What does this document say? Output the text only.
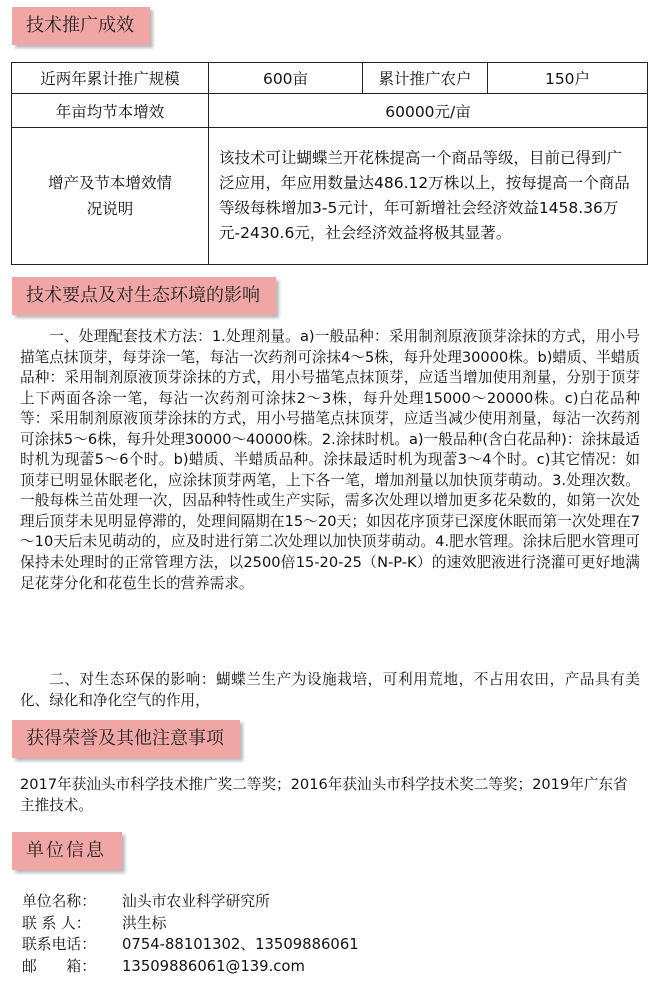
技术推广成效
近两年累计推广规模	600亩	累计推广农户	150户
年亩均节本增效	60000元/亩		
增产及节本增效情况说明	该技术可让蝴蝶兰开花株提高一个商品等级，目前已得到广泛应用，年应用数量达486.12万株以上，按每提高一个商品等级每株增加3-5元计，年可新增社会经济效益1458.36万元-2430.6元，社会经济效益将极其显著。		
技术要点及对生态环境的影响

一、处理配套技术方法：1.处理剂量。a)一般品种：采用制剂原液顶芽涂抹的方式，用小号描笔点抹顶芽，每芽涂一笔，每沾一次药剂可涂抹4～5株，每升处理30000株。b)蜡质、半蜡质品种：采用制剂原液顶芽涂抹的方式，用小号描笔点抹顶芽，应适当增加使用剂量，分别于顶芽上下两面各涂一笔，每沾一次药剂可涂抹2～3株，每升处理15000～20000株。c)白花品种等：采用制剂原液顶芽涂抹的方式，用小号描笔点抹顶芽，应适当减少使用剂量，每沾一次药剂可涂抹5～6株，每升处理30000～40000株。2.涂抹时机。a)一般品种(含白花品种)：涂抹最适时机为现蕾5～6个时。b)蜡质、半蜡质品种。涂抹最适时机为现蕾3～4个时。c)其它情况：如顶芽已明显休眠老化，应涂抹顶芽两笔，上下各一笔，增加剂量以加快顶芽萌动。3.处理次数。一般每株兰苗处理一次，因品种特性或生产实际，需多次处理以增加更多花朵数的，如第一次处理后顶芽未见明显停滞的，处理间隔期在15～20天；如因花序顶芽已深度休眠而第一次处理在7～10天后未见萌动的，应及时进行第二次处理以加快顶芽萌动。4.肥水管理。涂抹后肥水管理可保持未处理时的正常管理方法，以2500倍15-20-25（N-P-K）的速效肥液进行浇灌可更好地满足花芽分化和花苞生长的营养需求。

二、对生态环保的影响：蝴蝶兰生产为设施栽培，可利用荒地，不占用农田，产品具有美化、绿化和净化空气的作用，

获得荣誉及其他注意事项

2017年获汕头市科学技术推广奖二等奖；2016年获汕头市科学技术奖二等奖；2019年广东省主推技术。

单位信息
单位名称： 汕头市农业科学研究所
联 系 人： 洪生标
联系电话： 0754-88101302、13509886061
邮　　箱： 13509886061@139.com
